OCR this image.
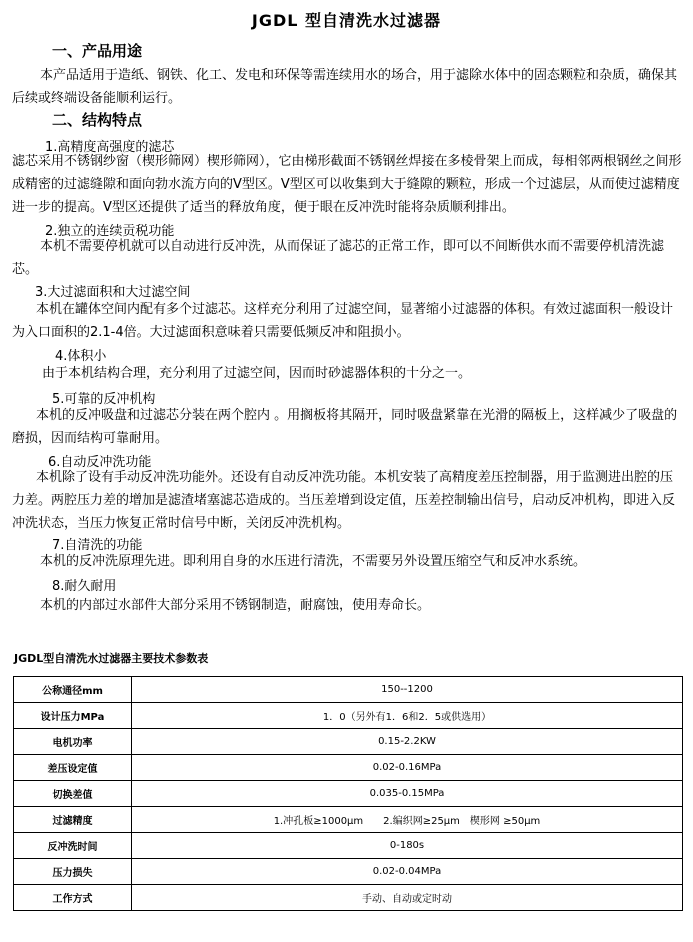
JGDL 型自清洗水过滤器
一、产品用途
本产品适用于造纸、钢铁、化工、发电和环保等需连续用水的场合，用于滤除水体中的固态颗粒和杂质，确保其后续或终端设备能顺利运行。
二、结构特点
1.高精度高强度的滤芯
滤芯采用不锈钢纱窗（楔形筛网）楔形筛网），它由梯形截面不锈钢丝焊接在多棱骨架上而成，每相邻两根钢丝之间形成精密的过滤缝隙和面向勃水流方向的V型区。V型区可以收集到大于缝隙的颗粒，形成一个过滤层，从而使过滤精度进一步的提高。V型区还提供了适当的释放角度，便于眼在反冲洗时能将杂质顺利排出。
2.独立的连续贡税功能
本机不需要停机就可以自动进行反冲洗，从而保证了滤芯的正常工作，即可以不间断供水而不需要停机清洗滤芯。
3.大过滤面积和大过滤空间
本机在罐体空间内配有多个过滤芯。这样充分利用了过滤空间，显著缩小过滤器的体积。有效过滤面积一般设计 为入口面积的2.1-4倍。大过滤面积意味着只需要低频反冲和阻损小。
4.体积小
由于本机结构合理，充分利用了过滤空间，因而时砂滤器体积的十分之一。
5.可靠的反冲机构
本机的反冲吸盘和过滤芯分装在两个腔内 。用搁板将其隔开，同时吸盘紧靠在光滑的隔板上，这样减少了吸盘的磨损，因而结构可靠耐用。
6.自动反冲洗功能
本机除了设有手动反冲洗功能外。还设有自动反冲洗功能。本机安装了高精度差压控制器，用于监测进出腔的压力差。两腔压力差的增加是滤渣堵塞滤芯造成的。当压差增到设定值，压差控制输出信号，启动反冲机构，即进入反冲洗状态，当压力恢复正常时信号中断，关闭反冲洗机构。
7.自清洗的功能
本机的反冲洗原理先进。即利用自身的水压进行清洗，不需要另外设置压缩空气和反冲水系统。
8.耐久耐用
本机的内部过水部件大部分采用不锈钢制造，耐腐蚀，使用寿命长。
JGDL型自清洗水过滤器主要技术参数表
公称通径mm	150--1200
设计压力MPa	1．0（另外有1．6和2．5或供选用）
电机功率	0.15-2.2KW
差压设定值	0.02-0.16MPa
切换差值	0.035-0.15MPa
过滤精度	1.冲孔板≥1000μm　　2.编织网≥25μm　楔形网 ≥50μm
反冲洗时间	0-180s
压力损失	0.02-0.04MPa
工作方式	手动、自动或定时动
